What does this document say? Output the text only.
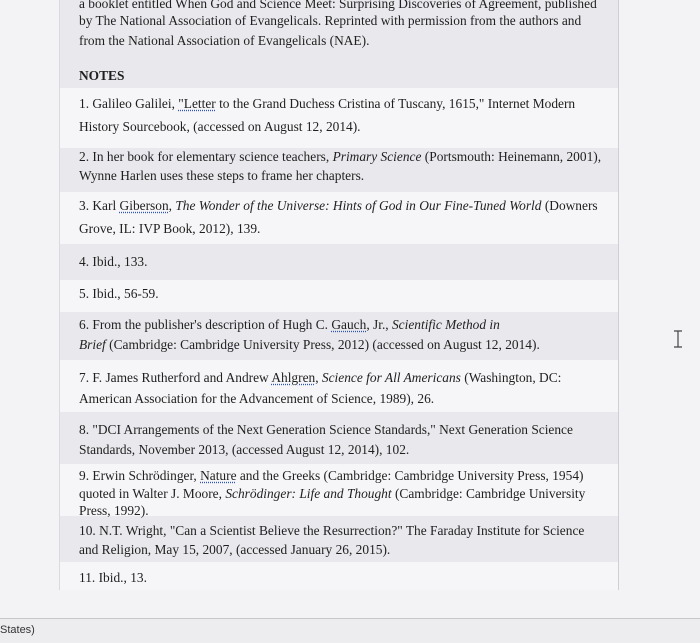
a booklet entitled When God and Science Meet: Surprising Discoveries of Agreement, published
by The National Association of Evangelicals. Reprinted with permission from the authors and
from the National Association of Evangelicals (NAE).
NOTES
1. Galileo Galilei, "Letter to the Grand Duchess Cristina of Tuscany, 1615," Internet Modern
History Sourcebook, (accessed on August 12, 2014).
2. In her book for elementary science teachers, Primary Science (Portsmouth: Heinemann, 2001),
Wynne Harlen uses these steps to frame her chapters.
3. Karl Giberson, The Wonder of the Universe: Hints of God in Our Fine-Tuned World (Downers
Grove, IL: IVP Book, 2012), 139.
4. Ibid., 133.
5. Ibid., 56-59.
6. From the publisher's description of Hugh C. Gauch, Jr., Scientific Method in
Brief (Cambridge: Cambridge University Press, 2012) (accessed on August 12, 2014).
7. F. James Rutherford and Andrew Ahlgren, Science for All Americans (Washington, DC:
American Association for the Advancement of Science, 1989), 26.
8. "DCI Arrangements of the Next Generation Science Standards," Next Generation Science
Standards, November 2013, (accessed August 12, 2014), 102.
9. Erwin Schrödinger, Nature and the Greeks (Cambridge: Cambridge University Press, 1954)
quoted in Walter J. Moore, Schrödinger: Life and Thought (Cambridge: Cambridge University
Press, 1992).
10. N.T. Wright, "Can a Scientist Believe the Resurrection?" The Faraday Institute for Science
and Religion, May 15, 2007, (accessed January 26, 2015).
11. Ibid., 13.
States)
